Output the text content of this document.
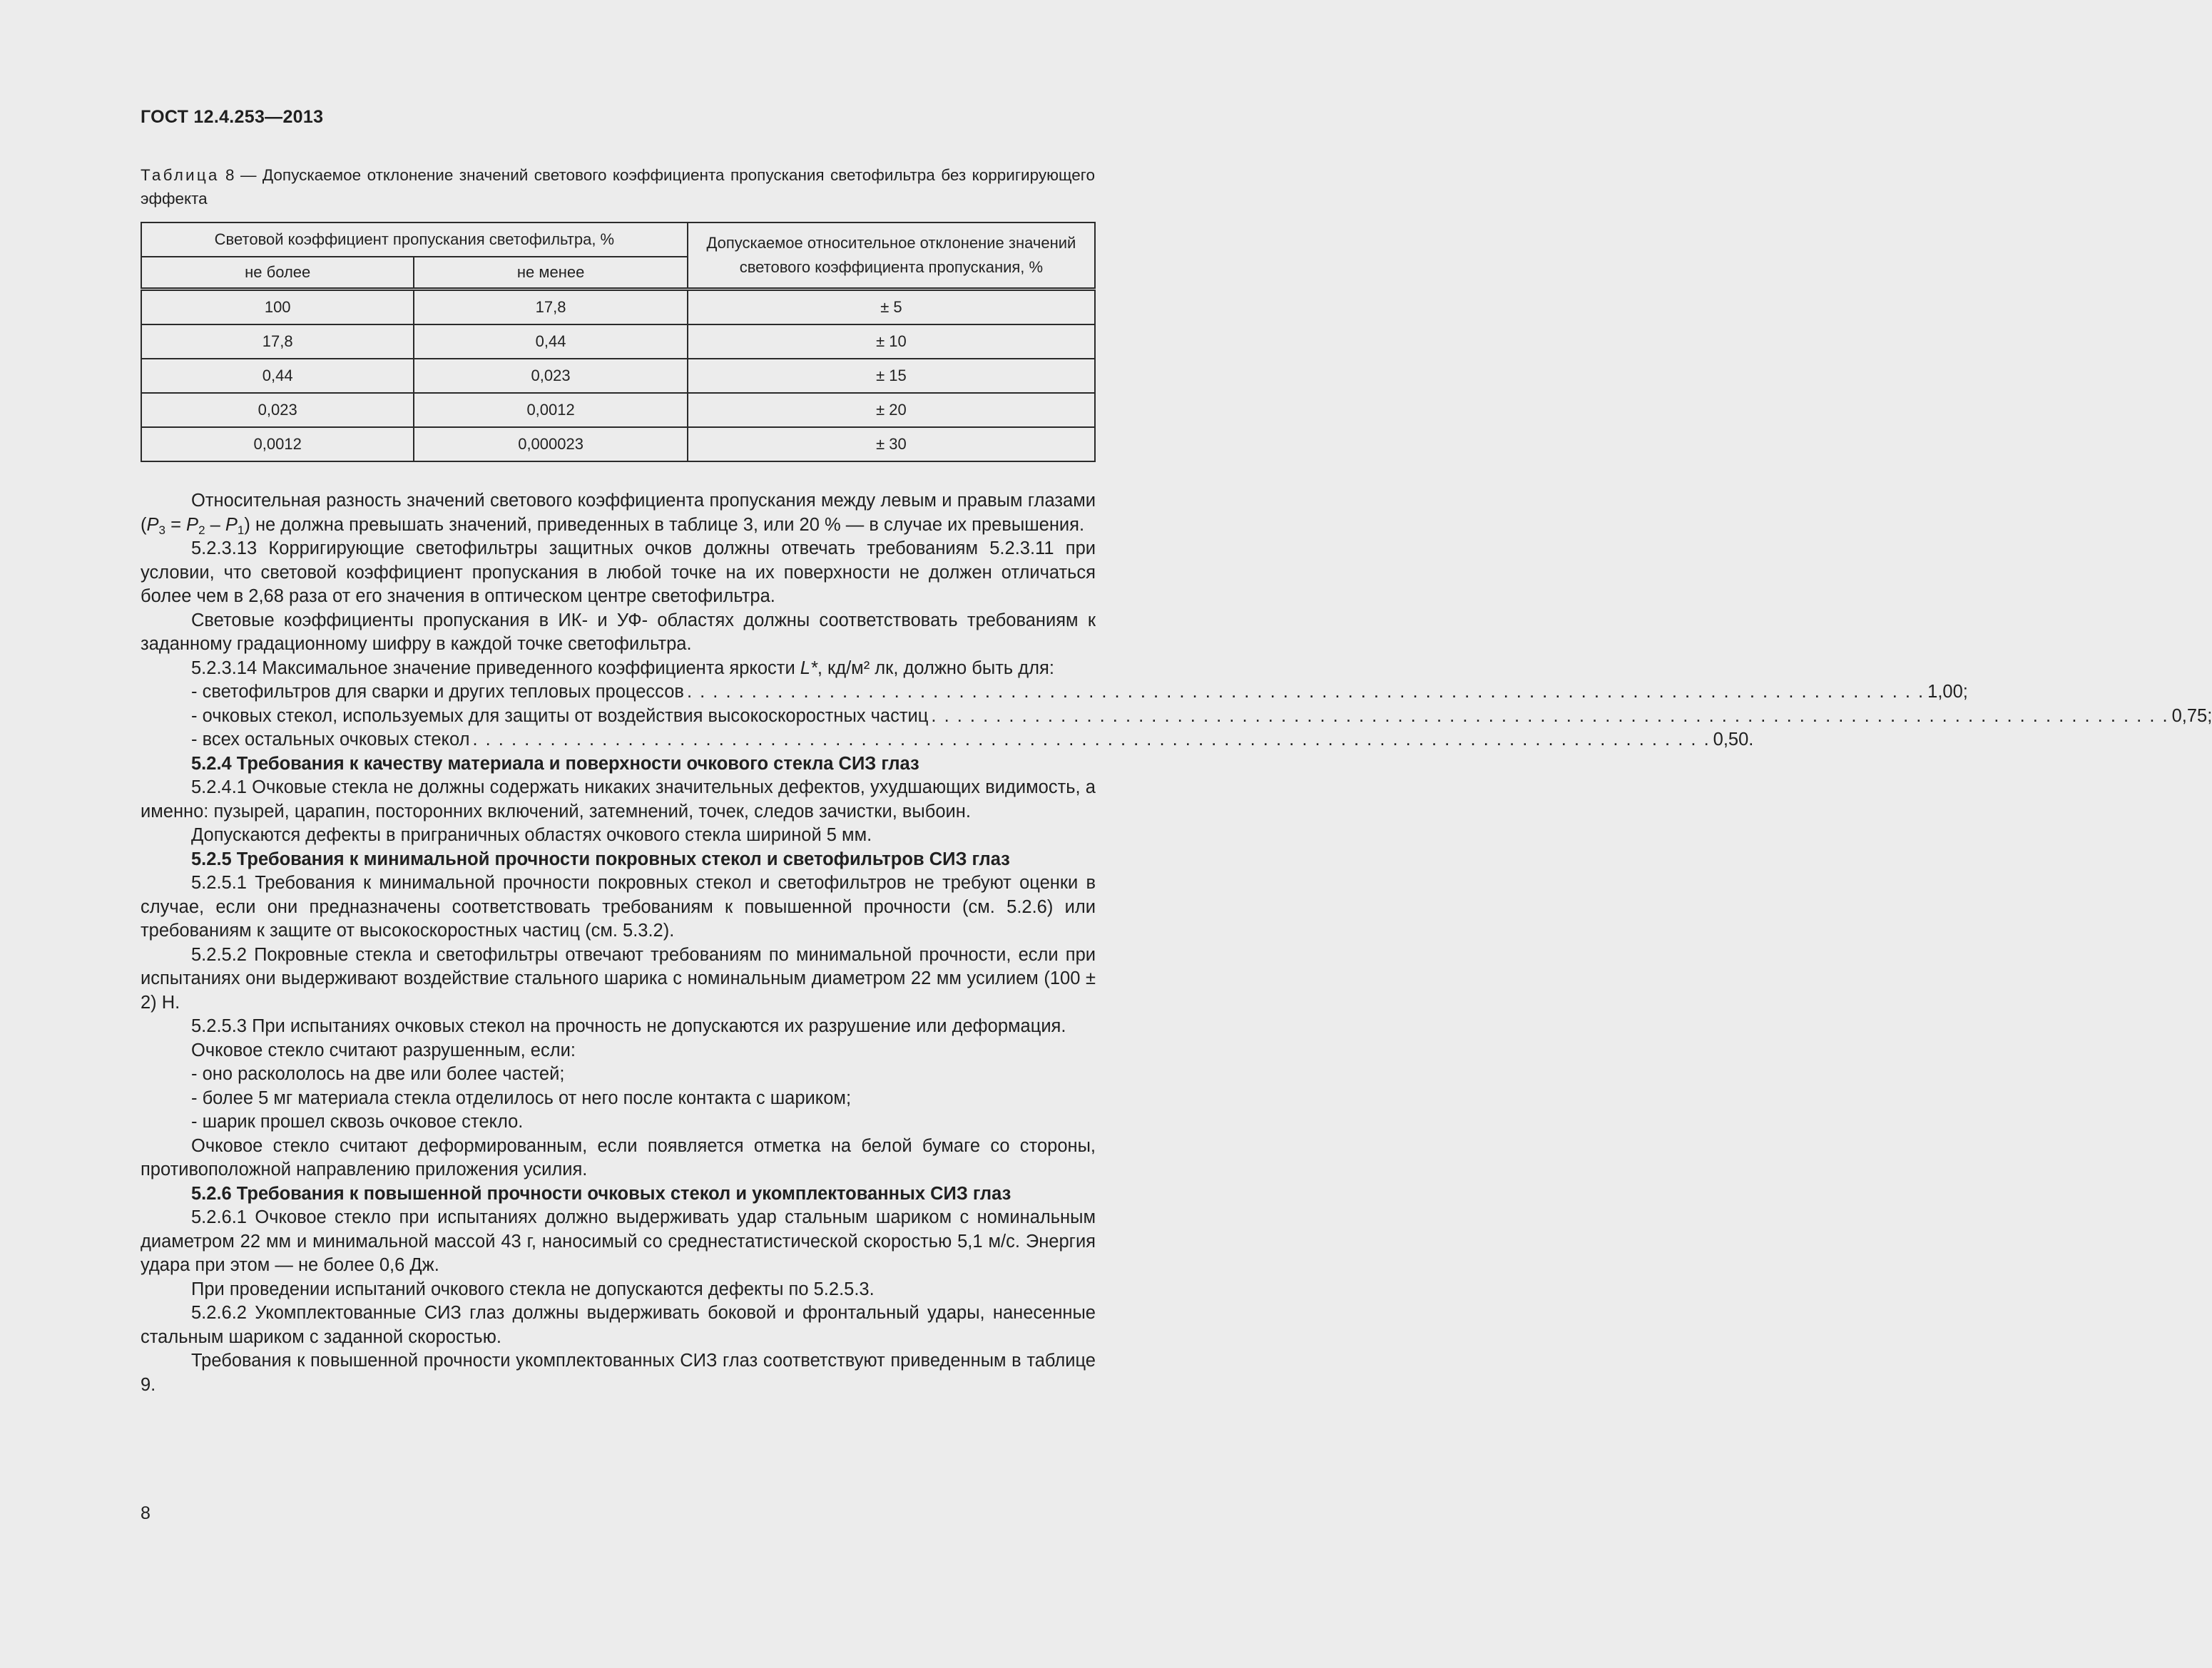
ГОСТ 12.4.253—2013
Таблица 8 — Допускаемое отклонение значений светового коэффициента пропускания светофильтра без корригирующего эффекта
Световой коэффициент пропускания светофильтра, %		Допускаемое относительное отклонение значений светового коэффициента пропускания, %
не более	не менее	
100	17,8	± 5
17,8	0,44	± 10
0,44	0,023	± 15
0,023	0,0012	± 20
0,0012	0,000023	± 30

Относительная разность значений светового коэффициента пропускания между левым и правым глазами $(P_3 = P_2 - P_1)$ не должна превышать значений, приведенных в таблице 3, или 20 % — в случае их превышения.

5.2.3.13 Корригирующие светофильтры защитных очков должны отвечать требованиям 5.2.3.11 при условии, что световой коэффициент пропускания в любой точке на их поверхности не должен отличаться более чем в 2,68 раза от его значения в оптическом центре светофильтра.

Световые коэффициенты пропускания в ИК- и УФ- областях должны соответствовать требованиям к заданному градационному шифру в каждой точке светофильтра.

5.2.3.14 Максимальное значение приведенного коэффициента яркости L*, кд/м² лк, должно быть для:

- светофильтров для сварки и других тепловых процессов . . . . . . . . . . . . . . . . . . . . . . . . . . . . . . . . . . . . . . . . . . . . . . . . . . . . . . . . . . . . . . . . . . . . . . . . . . . . . . . . . . . . . . . . . . . . . . . . 1,00;
- очковых стекол, используемых для защиты от воздействия высокоскоростных частиц . . . . . . . . . . . . . . . . . . . . . . . . . . . . . . . . . . . . . . . . . . . . . . . . . . . . . . . . . . . . . . . . . . . . . . . . . . . . . . . . . . . . . . . . . . . . . . . . 0,75;
- всех остальных очковых стекол . . . . . . . . . . . . . . . . . . . . . . . . . . . . . . . . . . . . . . . . . . . . . . . . . . . . . . . . . . . . . . . . . . . . . . . . . . . . . . . . . . . . . . . . . . . . . . . . 0,50.

5.2.4 Требования к качеству материала и поверхности очкового стекла СИЗ глаз

5.2.4.1 Очковые стекла не должны содержать никаких значительных дефектов, ухудшающих видимость, а именно: пузырей, царапин, посторонних включений, затемнений, точек, следов зачистки, выбоин.

Допускаются дефекты в приграничных областях очкового стекла шириной 5 мм.

5.2.5 Требования к минимальной прочности покровных стекол и светофильтров СИЗ глаз

5.2.5.1 Требования к минимальной прочности покровных стекол и светофильтров не требуют оценки в случае, если они предназначены соответствовать требованиям к повышенной прочности (см. 5.2.6) или требованиям к защите от высокоскоростных частиц (см. 5.3.2).

5.2.5.2 Покровные стекла и светофильтры отвечают требованиям по минимальной прочности, если при испытаниях они выдерживают воздействие стального шарика с номинальным диаметром 22 мм усилием (100 ± 2) Н.

5.2.5.3 При испытаниях очковых стекол на прочность не допускаются их разрушение или деформация.

Очковое стекло считают разрушенным, если:

- оно раскололось на две или более частей;

- более 5 мг материала стекла отделилось от него после контакта с шариком;

- шарик прошел сквозь очковое стекло.

Очковое стекло считают деформированным, если появляется отметка на белой бумаге со стороны, противоположной направлению приложения усилия.

5.2.6 Требования к повышенной прочности очковых стекол и укомплектованных СИЗ глаз

5.2.6.1 Очковое стекло при испытаниях должно выдерживать удар стальным шариком с номинальным диаметром 22 мм и минимальной массой 43 г, наносимый со среднестатистической скоростью 5,1 м/с. Энергия удара при этом — не более 0,6 Дж.

При проведении испытаний очкового стекла не допускаются дефекты по 5.2.5.3.

5.2.6.2 Укомплектованные СИЗ глаз должны выдерживать боковой и фронтальный удары, нанесенные стальным шариком с заданной скоростью.

Требования к повышенной прочности укомплектованных СИЗ глаз соответствуют приведенным в таблице 9.

8
